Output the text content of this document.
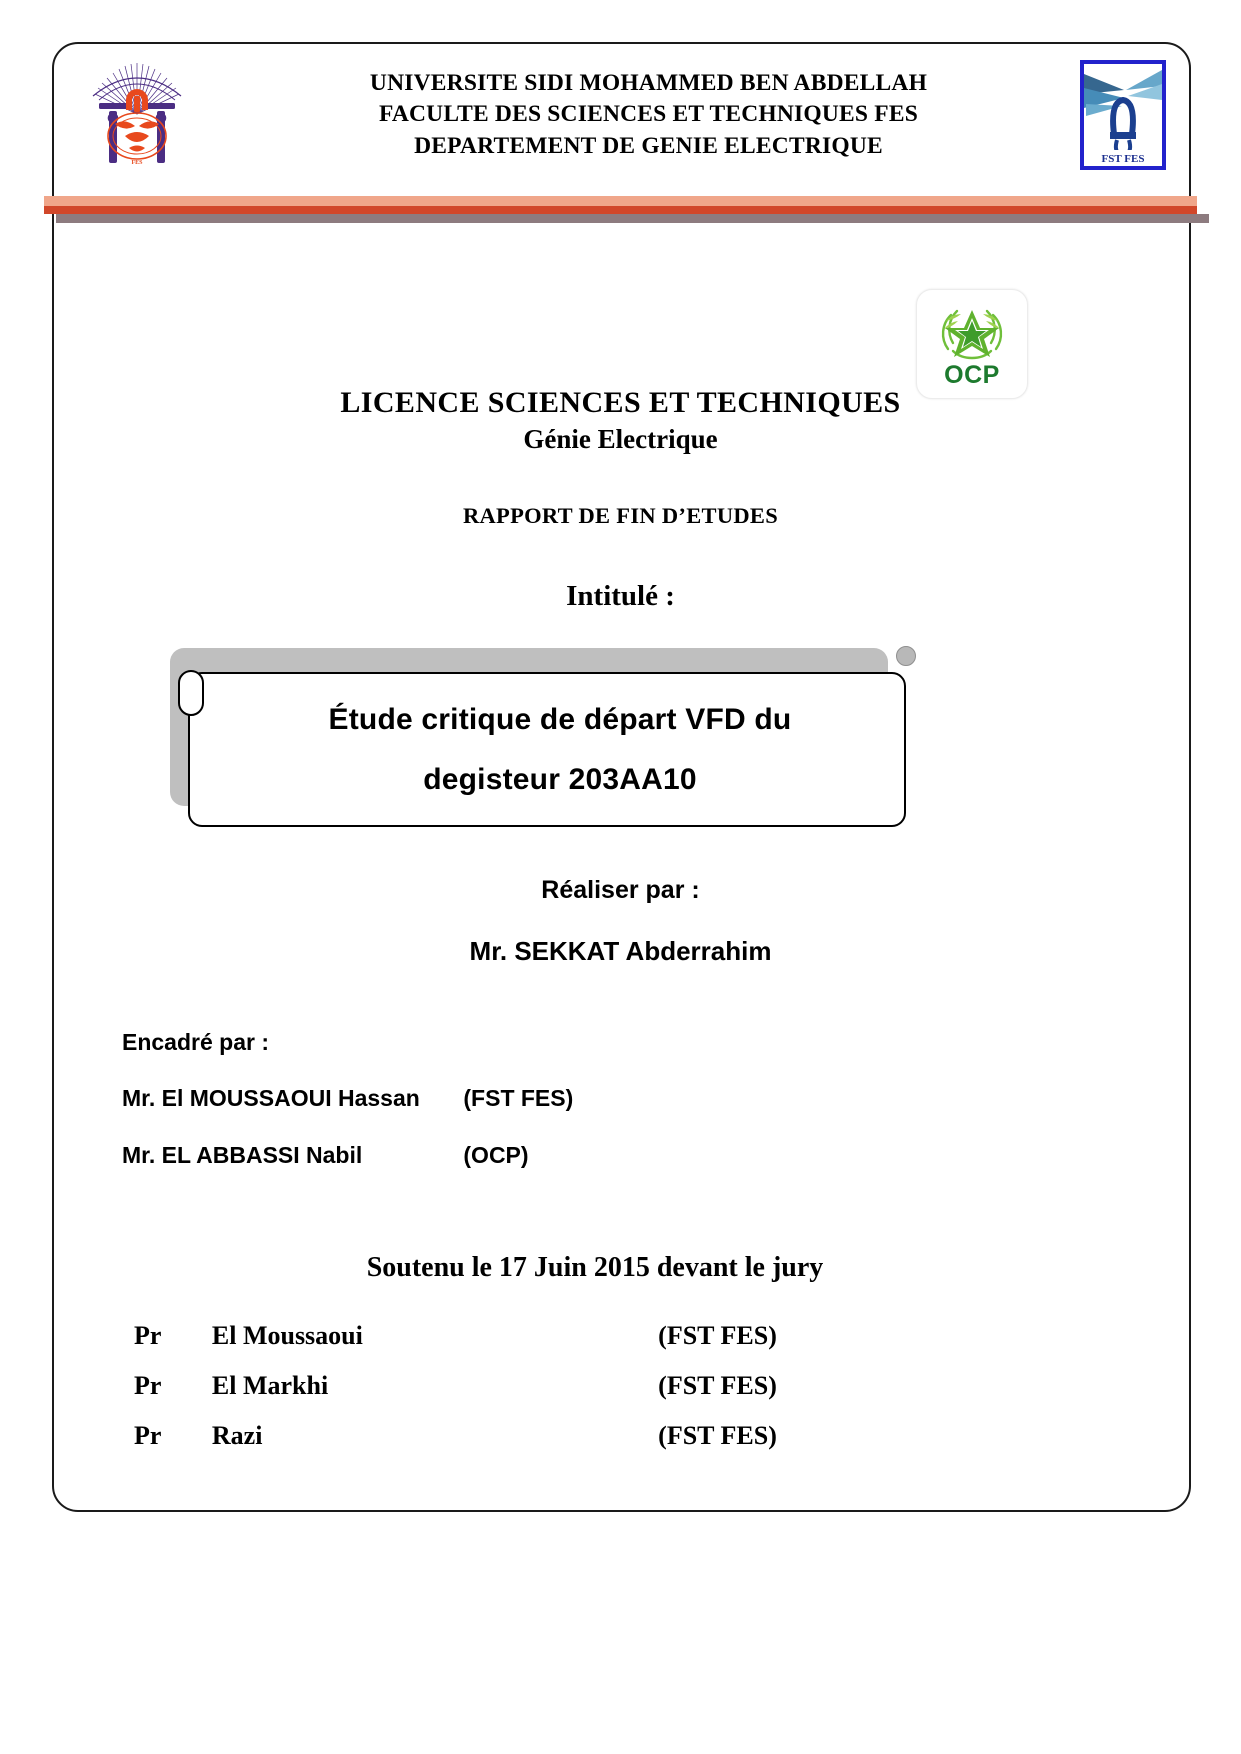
FES
UNIVERSITE SIDI MOHAMMED BEN ABDELLAH
FACULTE DES SCIENCES ET TECHNIQUES FES
DEPARTEMENT DE GENIE ELECTRIQUE
FST FES
OCP
LICENCE SCIENCES ET TECHNIQUES
Génie Electrique
RAPPORT DE FIN D’ETUDES
Intitulé :
Étude critique de départ VFD du
degisteur 203AA10
Réaliser par :
Mr. SEKKAT Abderrahim
Encadré par :
Mr. El MOUSSAOUI Hassan (FST FES)
Mr. EL ABBASSI Nabil	(OCP)
Soutenu le 17 Juin 2015 devant le jury
Pr	El Moussaoui	(FST FES)
Pr	El Markhi	(FST FES)
Pr	Razi	(FST FES)
